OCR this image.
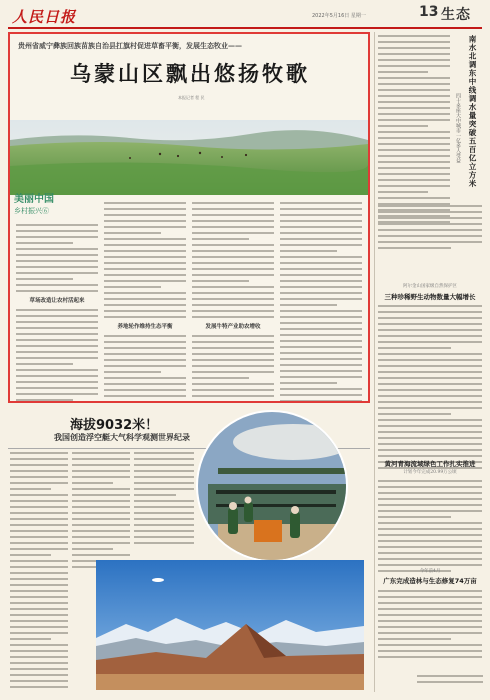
人民日报	2022年5月16日 星期一	13 生态
贵州省威宁彝族回族苗族自治县扛旗村促进草畜平衡，发展生态牧业——
乌蒙山区飘出悠扬牧歌
本报记者 程 民
美丽中国
乡村振兴⑥
草场改造让农村活起来
养地轮作维持生态平衡	发展牛特产业助农增收
南水北调东中线调水量突破五百亿立方米
四十多座大中城市一亿多人受益
阿尔金山国家级自然保护区
三种珍稀野生动物数量大幅增长
黄河青海流域绿色工作扎实推进
计划今年完成20.99万公顷
今年前4月
广东完成造林与生态修复74万亩
海拔9032米！
我国创造浮空艇大气科学观测世界纪录
